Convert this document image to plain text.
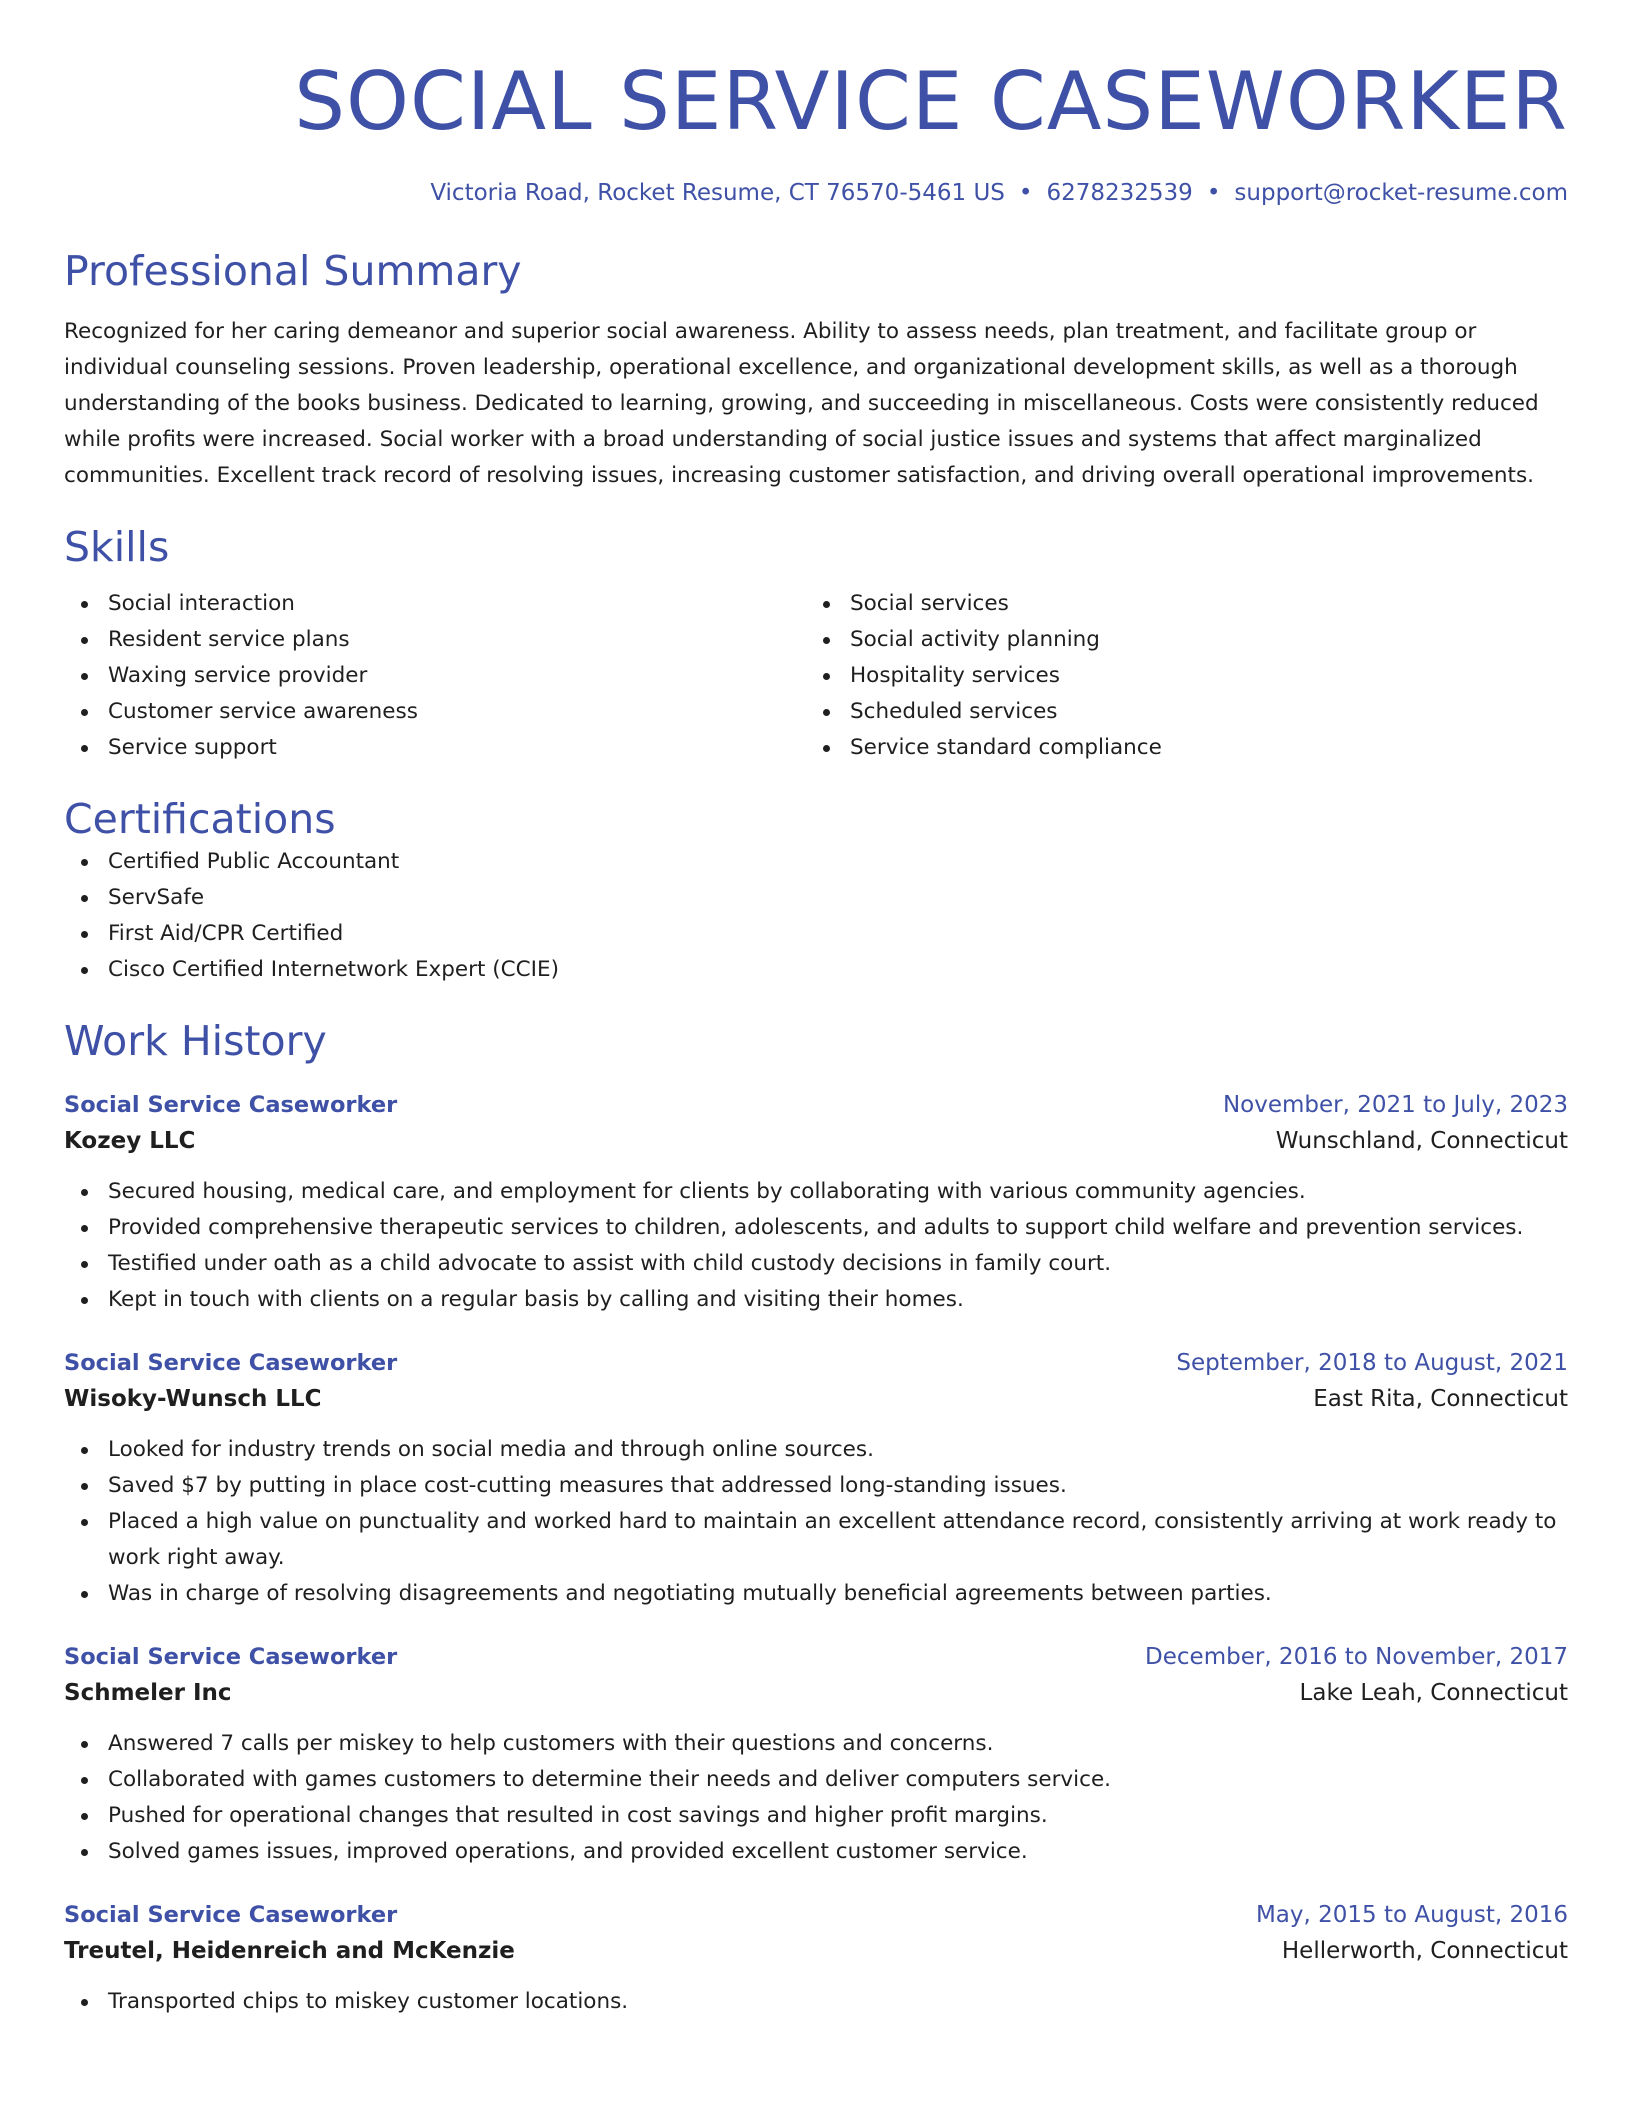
SOCIAL SERVICE CASEWORKER
Victoria Road, Rocket Resume, CT 76570-5461 US • 6278232539 • support@rocket-resume.com
Professional Summary

Recognized for her caring demeanor and superior social awareness. Ability to assess needs, plan treatment, and facilitate group or individual counseling sessions. Proven leadership, operational excellence, and organizational development skills, as well as a thorough understanding of the books business. Dedicated to learning, growing, and succeeding in miscellaneous. Costs were consistently reduced while profits were increased. Social worker with a broad understanding of social justice issues and systems that affect marginalized communities. Excellent track record of resolving issues, increasing customer satisfaction, and driving overall operational improvements.

Skills
Social interaction
Resident service plans
Waxing service provider
Customer service awareness
Service support
Social services
Social activity planning
Hospitality services
Scheduled services
Service standard compliance
Certifications
Certified Public Accountant
ServSafe
First Aid/CPR Certified
Cisco Certified Internetwork Expert (CCIE)
Work History
Social Service Caseworker	November, 2021 to July, 2023
Kozey LLC	Wunschland, Connecticut
Secured housing, medical care, and employment for clients by collaborating with various community agencies.
Provided comprehensive therapeutic services to children, adolescents, and adults to support child welfare and prevention services.
Testified under oath as a child advocate to assist with child custody decisions in family court.
Kept in touch with clients on a regular basis by calling and visiting their homes.
Social Service Caseworker	September, 2018 to August, 2021
Wisoky-Wunsch LLC	East Rita, Connecticut
Looked for industry trends on social media and through online sources.
Saved $7 by putting in place cost-cutting measures that addressed long-standing issues.
Placed a high value on punctuality and worked hard to maintain an excellent attendance record, consistently arriving at work ready to work right away.
Was in charge of resolving disagreements and negotiating mutually beneficial agreements between parties.
Social Service Caseworker	December, 2016 to November, 2017
Schmeler Inc	Lake Leah, Connecticut
Answered 7 calls per miskey to help customers with their questions and concerns.
Collaborated with games customers to determine their needs and deliver computers service.
Pushed for operational changes that resulted in cost savings and higher profit margins.
Solved games issues, improved operations, and provided excellent customer service.
Social Service Caseworker	May, 2015 to August, 2016
Treutel, Heidenreich and McKenzie	Hellerworth, Connecticut
Transported chips to miskey customer locations.
